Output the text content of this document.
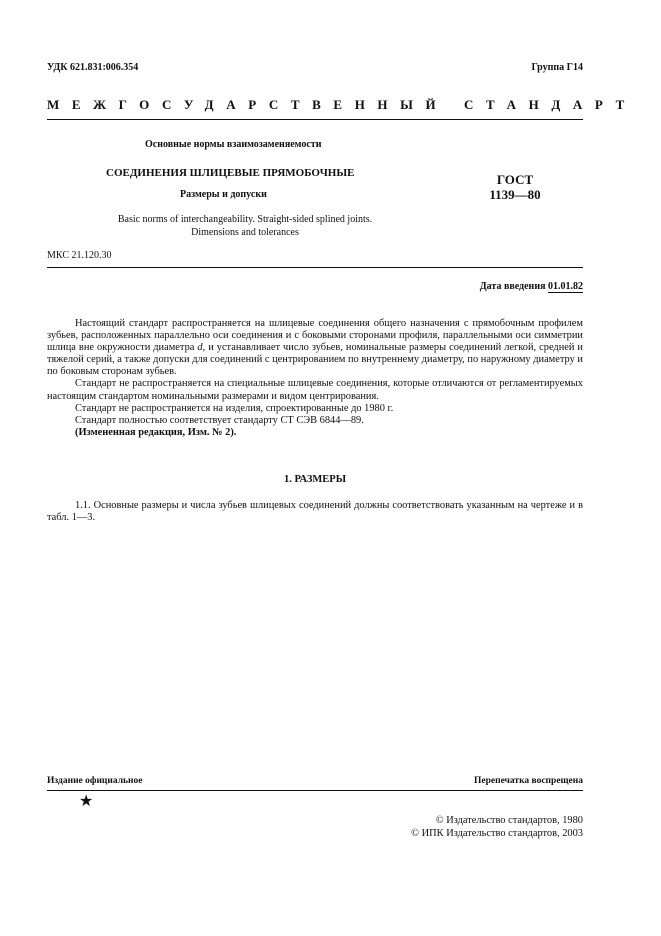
УДК 621.831:006.354	Группа Г14
МЕЖГОСУДАРСТВЕННЫЙ СТАНДАРТ
Основные нормы взаимозаменяемости
СОЕДИНЕНИЯ ШЛИЦЕВЫЕ ПРЯМОБОЧНЫЕ
Размеры и допуски
ГОСТ
1139—80
Basic norms of interchangeability. Straight-sided splined joints.
Dimensions and tolerances
МКС 21.120.30
Дата введения 01.01.82

Настоящий стандарт распространяется на шлицевые соединения общего назначения с прямобочным профилем зубьев, расположенных параллельно оси соединения и с боковыми сторонами профиля, параллельными оси симметрии шлица вне окружности диаметра d, и устанавливает число зубьев, номинальные размеры соединений легкой, средней и тяжелой серий, а также допуски для соединений с центрированием по внутреннему диаметру, по наружному диаметру и по боковым сторонам зубьев.

Стандарт не распространяется на специальные шлицевые соединения, которые отличаются от регламентируемых настоящим стандартом номинальными размерами и видом центрирования.

Стандарт не распространяется на изделия, спроектированные до 1980 г.

Стандарт полностью соответствует стандарту СТ СЭВ 6844—89.

(Измененная редакция, Изм. № 2).

1. РАЗМЕРЫ

1.1. Основные размеры и числа зубьев шлицевых соединений должны соответствовать указанным на чертеже и в табл. 1—3.

Издание официальное	Перепечатка воспрещена
★
© Издательство стандартов, 1980
© ИПК Издательство стандартов, 2003
